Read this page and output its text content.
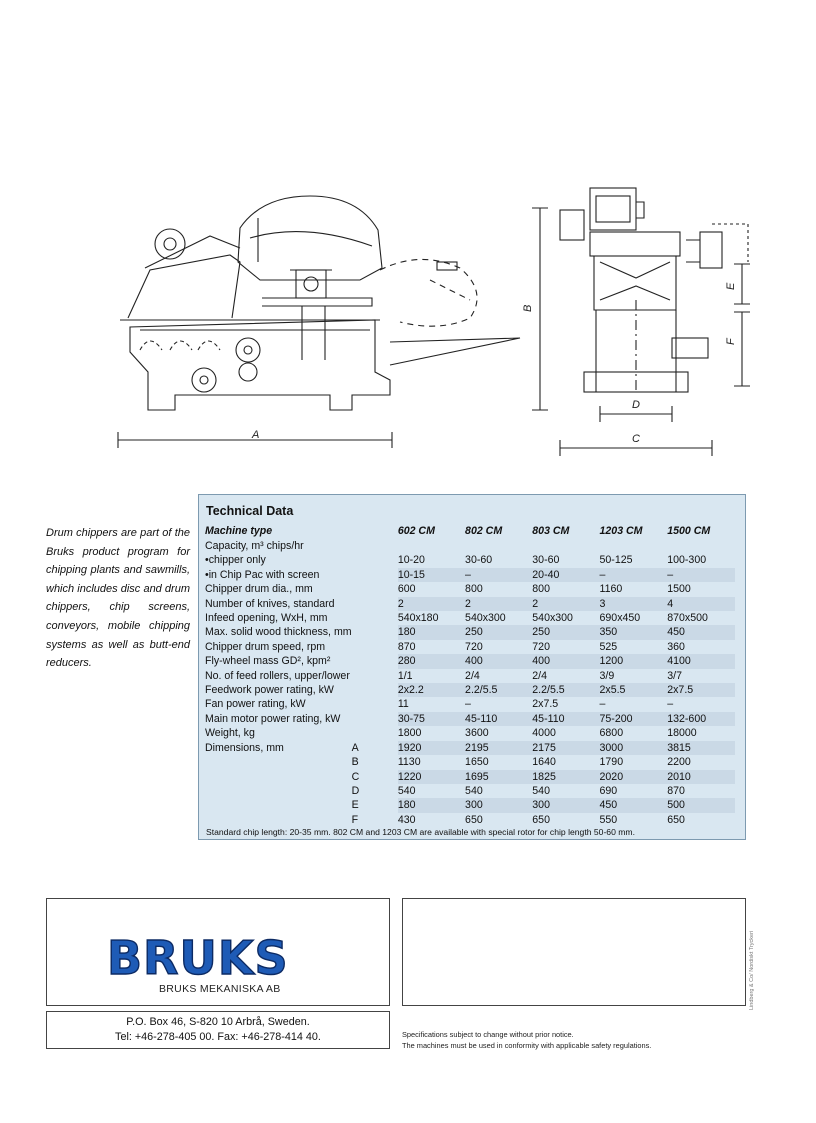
A
B
C
D
E
F
Drum chippers are part of the Bruks product program for chipping plants and sawmills, which includes disc and drum chippers, chip screens, conveyors, mobile chipping systems as well as butt-end reducers.
Technical Data
Machine type		602 CM	802 CM	803 CM	1203 CM	1500 CM
Capacity, m³ chips/hr						
•chipper only		10-20	30-60	30-60	50-125	100-300
•in Chip Pac with screen		10-15	–	20-40	–	–
Chipper drum dia., mm		600	800	800	1160	1500
Number of knives, standard		2	2	2	3	4
Infeed opening, WxH, mm		540x180	540x300	540x300	690x450	870x500
Max. solid wood thickness, mm		180	250	250	350	450
Chipper drum speed, rpm		870	720	720	525	360
Fly-wheel mass GD², kpm²		280	400	400	1200	4100
No. of feed rollers, upper/lower		1/1	2/4	2/4	3/9	3/7
Feedwork power rating, kW		2x2.2	2.2/5.5	2.2/5.5	2x5.5	2x7.5
Fan power rating, kW		11	–	2x7.5	–	–
Main motor power rating, kW		30-75	45-110	45-110	75-200	132-600
Weight, kg		1800	3600	4000	6800	18000
Dimensions, mm	A	1920	2195	2175	3000	3815
	B	1130	1650	1640	1790	2200
	C	1220	1695	1825	2020	2010
	D	540	540	540	690	870
	E	180	300	300	450	500
	F	430	650	650	550	650
Standard chip length: 20-35 mm. 802 CM and 1203 CM are available with special rotor for chip length 50-60 mm.
BRUKS
BRUKS MEKANISKA AB
P.O. Box 46, S-820 10 Arbrå, Sweden.
Tel: +46-278-405 00. Fax: +46-278-414 40.	Specifications subject to change without prior notice.
The machines must be used in conformity with applicable safety regulations.
Lindberg & Co/ Nordiskt Tryckeri
